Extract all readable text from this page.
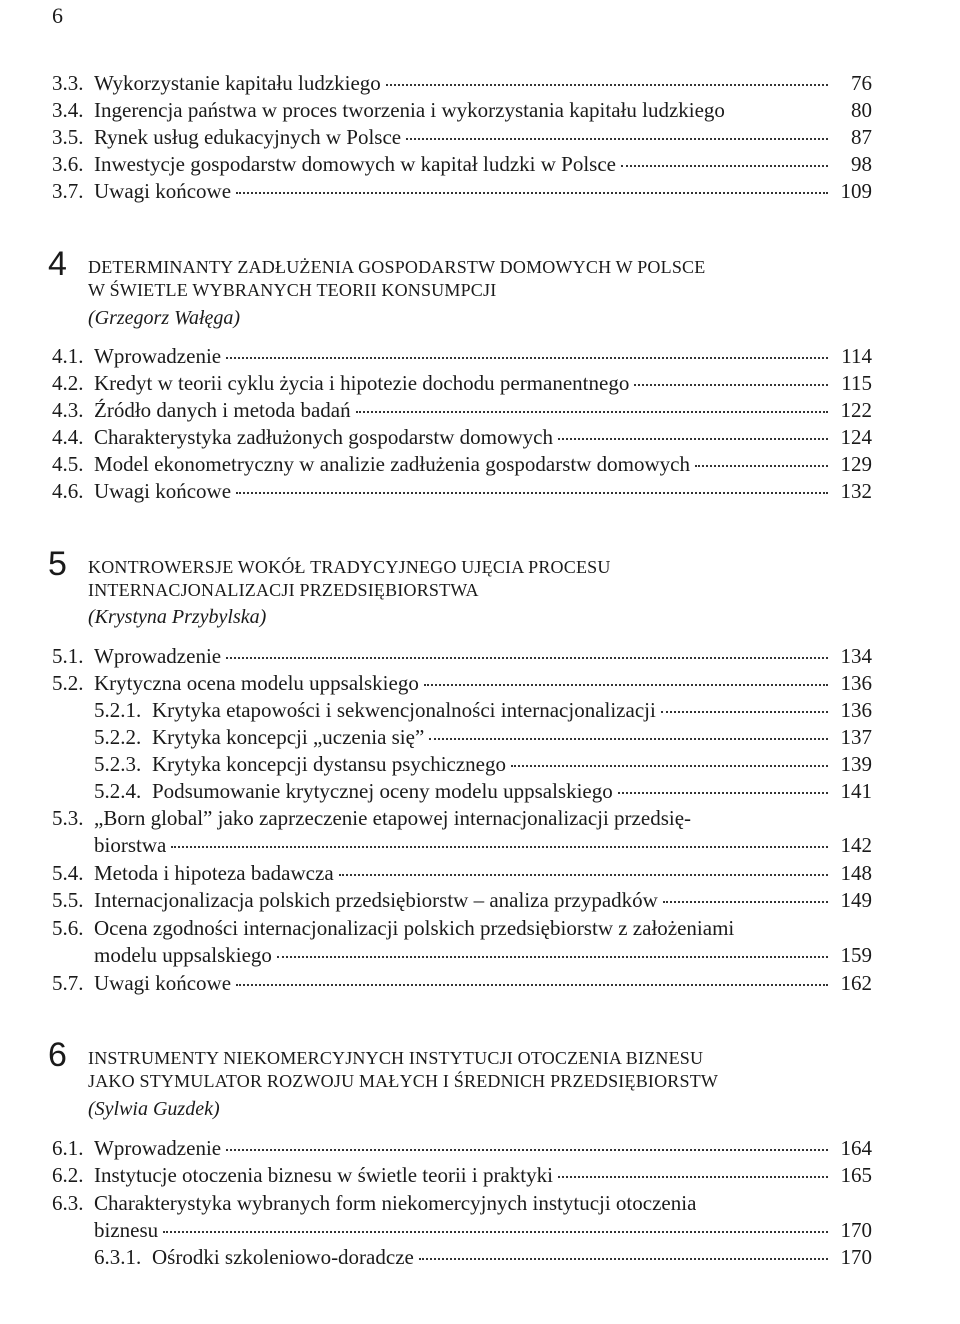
6
3.3. Wykorzystanie kapitału ludzkiego	76
3.4. Ingerencja państwa w proces tworzenia i wykorzystania kapitału ludzkiego	80
3.5. Rynek usług edukacyjnych w Polsce	87
3.6. Inwestycje gospodarstw domowych w kapitał ludzki w Polsce	98
3.7. Uwagi końcowe	109
4 DETERMINANTY ZADŁUŻENIA GOSPODARSTW DOMOWYCH W POLSCE
W ŚWIETLE WYBRANYCH TEORII KONSUMPCJI
(Grzegorz Wałęga)
4.1. Wprowadzenie	114
4.2. Kredyt w teorii cyklu życia i hipotezie dochodu permanentnego	115
4.3. Źródło danych i metoda badań	122
4.4. Charakterystyka zadłużonych gospodarstw domowych	124
4.5. Model ekonometryczny w analizie zadłużenia gospodarstw domowych	129
4.6. Uwagi końcowe	132
5 KONTROWERSJE WOKÓŁ TRADYCYJNEGO UJĘCIA PROCESU
INTERNACJONALIZACJI PRZEDSIĘBIORSTWA
(Krystyna Przybylska)
5.1. Wprowadzenie	134
5.2. Krytyczna ocena modelu uppsalskiego	136
5.2.1. Krytyka etapowości i sekwencjonalności internacjonalizacji	136
5.2.2. Krytyka koncepcji „uczenia się”	137
5.2.3. Krytyka koncepcji dystansu psychicznego	139
5.2.4. Podsumowanie krytycznej oceny modelu uppsalskiego	141
5.3. „Born global” jako zaprzeczenie etapowej internacjonalizacji przedsię-
biorstwa	142
5.4. Metoda i hipoteza badawcza	148
5.5. Internacjonalizacja polskich przedsiębiorstw – analiza przypadków	149
5.6. Ocena zgodności internacjonalizacji polskich przedsiębiorstw z założeniami
modelu uppsalskiego	159
5.7. Uwagi końcowe	162
6 INSTRUMENTY NIEKOMERCYJNYCH INSTYTUCJI OTOCZENIA BIZNESU
JAKO STYMULATOR ROZWOJU MAŁYCH I ŚREDNICH PRZEDSIĘBIORSTW
(Sylwia Guzdek)
6.1. Wprowadzenie	164
6.2. Instytucje otoczenia biznesu w świetle teorii i praktyki	165
6.3. Charakterystyka wybranych form niekomercyjnych instytucji otoczenia
biznesu	170
6.3.1. Ośrodki szkoleniowo-doradcze	170
